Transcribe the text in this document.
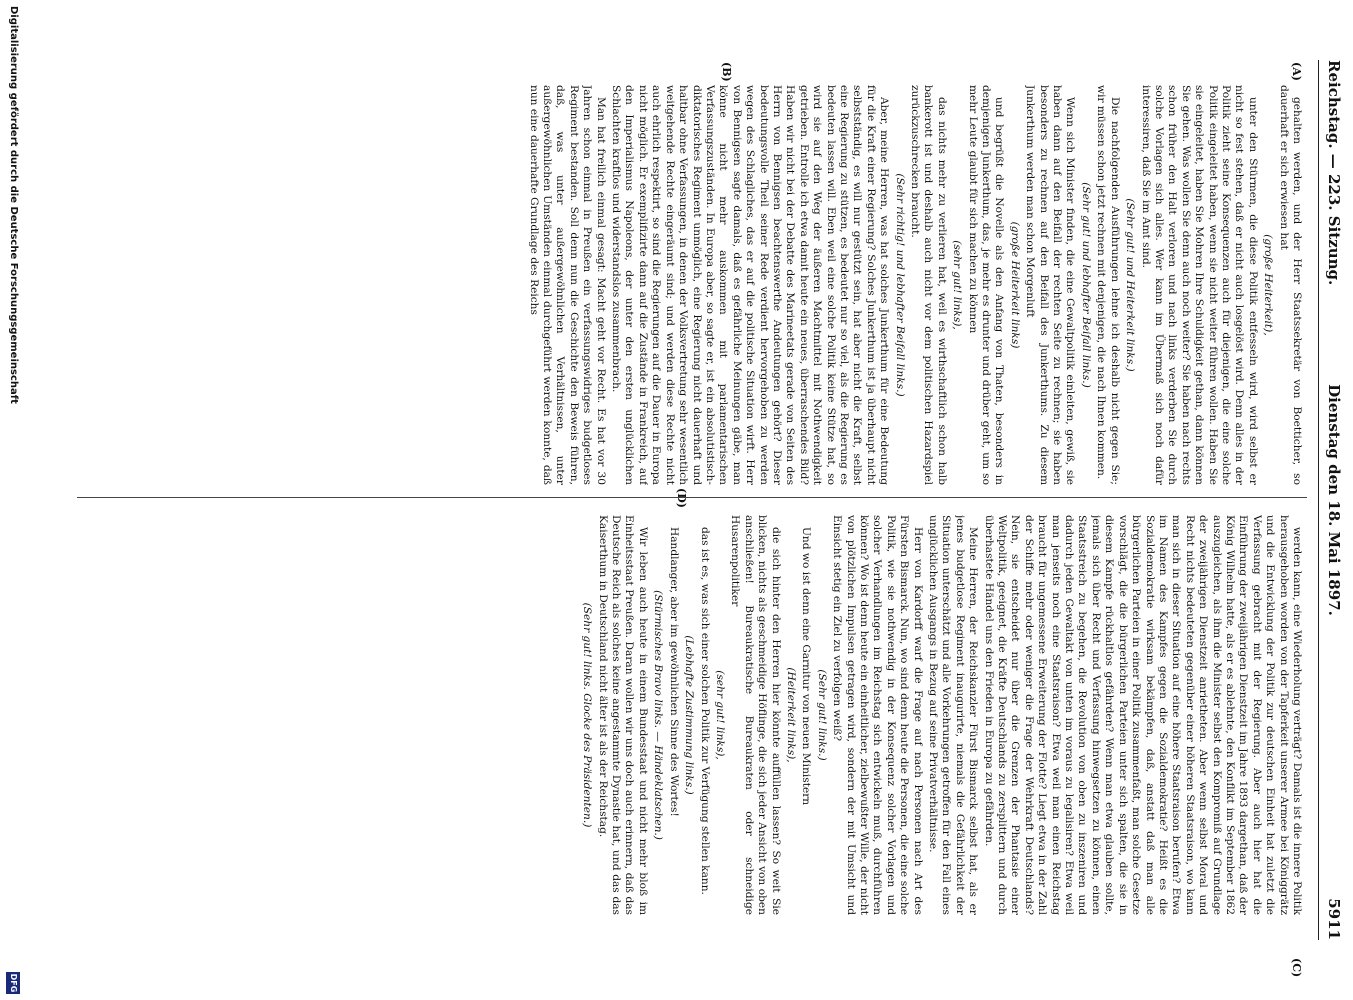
Reichstag. — 223. Sitzung.
Dienstag den 18. Mai 1897.
5911
(A)
(B)
(C)

gehalten werden, und der Herr Staatssekretär von Boetticher, so dauerhaft er sich erwiesen hat

(große Heiterkeit),

unter den Stürmen, die diese Politik entfesseln wird, wird selbst er nicht so fest stehen, daß er nicht auch losgelöst wird. Denn alles in der Politik zieht seine Konsequenzen auch für diejenigen, die eine solche Politik eingeleitet haben, wenn sie nicht weiter führen wollen. Haben Sie sie eingeleitet, haben Sie Mohren Ihre Schuldigkeit gethan, dann können Sie gehen. Was wollen Sie denn auch noch weiter? Sie haben nach rechts schon früher den Halt verloren und nach links verderben Sie durch solche Vorlagen sich alles. Wer kann im Übermaß sich noch dafür interessiren, daß Sie im Amt sind.

(Sehr gut! und Heiterkeit links.)

Die nachfolgenden Ausführungen lehne ich deshalb nicht gegen Sie; wir müssen schon jetzt rechnen mit denjenigen, die nach Ihnen kommen.

(Sehr gut! und lebhafter Beifall links.)

Wenn sich Minister finden, die eine Gewaltpolitik einleiten, gewiß, sie haben dann auf den Beifall der rechten Seite zu rechnen; sie haben besonders zu rechnen auf den Beifall des Junkerthums. Zu diesem Junkerthum werden man schon Morgenluft

(große Heiterkeit links)

und begrüßt die Novelle als den Anfang von Thaten, besonders in demjenigen Junkerthum, das, je mehr es drunter und drüber geht, um so mehr Leute glaubt für sich machen zu können

(sehr gut! links),

das nichts mehr zu verlieren hat, weil es wirthschaftlich schon halb bankerott ist und deshalb auch nicht vor dem politischen Hazardspiel zurückzuschrecken braucht.

(Sehr richtig! und lebhafter Beifall links.)

Aber, meine Herren, was hat solches Junkerthum für eine Bedeutung für die Kraft einer Regierung? Solches Junkerthum ist ja überhaupt nicht selbstständig, es will nur gestützt sein, hat aber nicht die Kraft, selbst eine Regierung zu stützen, es bedeutet nur so viel, als die Regierung es bedeuten lassen will. Eben weil eine solche Politik keine Stütze hat, so wird sie auf den Weg der äußeren Machtmittel mit Nothwendigkeit getrieben. Entrolle ich etwa damit heute ein neues, überraschendes Bild? Haben wir nicht bei der Debatte des Marineetats gerade von Seiten des Herrn von Bennigsen beachtenswerthe Andeutungen gehört? Dieser bedeutungsvolle Theil seiner Rede verdient hervorgehoben zu werden wegen des Schlagliches, das er auf die politische Situation wirft. Herr von Bennigsen sagte damals, daß es gefährliche Meinungen gäbe, man könne nicht mehr auskommen mit parlamentarischen Verfassungszuständen. In Europa aber, so sagte er, ist ein absolutistisch-diktatorisches Regiment unmöglich, eine Regierung nicht dauerhaft und haltbar ohne Verfassungen, in denen der Volksvertretung sehr wesentlich weitgehende Rechte eingeräumt sind; und werden diese Rechte nicht auch ehrlich respektirt, so sind die Regierungen auf die Dauer in Europa nicht möglich. Er exemplifizirte dann auf die Zustände in Frankreich, auf den Imperialismus Napoleons, der unter den ersten unglücklichen Schlachten kraftlos und widerstandslos zusammenbrach.

Man hat freilich einmal gesagt: Macht geht vor Recht. Es hat vor 30 Jahren schon einmal in Preußen ein verfassungswidriges budgetloses Regiment bestanden. Soll denn nun die Geschichte den Beweis führen, daß, was unter außergewöhnlichen Verhältnissen, unter außergewöhnlichen Umständen einmal durchgeführt werden konnte, daß nun eine dauerhafte Grundlage des Reichs

werden kann, eine Wiederholung verträgt? Damals ist die innere Politik herausgehoben worden von der Tapferkeit unserer Armee bei Königgrätz und die Entwicklung der Politik zur deutschen Einheit hat zuletzt die Verfassung gebracht mit der Regierung. Aber auch hier hat die Einführung der zweijährigen Dienstzeit im Jahre 1893 dargethan, daß der König Wilhelm hatte, als er es ablehnte, den Konflikt im September 1862 auszugleichen, als ihm die Minister selbst den Kompromiß auf Grundlage der zweijährigen Dienstzeit anrietheten. Aber wenn selbst Moral und Recht nichts bedeuteten gegenüber einer höheren Staatsraison, wo kann man sich in dieser Situation auf eine höhere Staatsraison berufen? Etwa im Namen des Kampfes gegen die Sozialdemokratie? Heißt es die Sozialdemokratie wirksam bekämpfen, daß, anstatt daß man alle bürgerlichen Parteien in einer Politik zusammenfaßt, man solche Gesetze vorschlägt, die die bürgerlichen Parteien unter sich spalten, die sie in diesem Kampfe rückhaltlos gefährden? Wenn man etwa glauben sollte, jemals sich über Recht und Verfassung hinwegsetzen zu können, einen Staatsstreich zu begehen, die Revolution von oben zu inszeniren und dadurch jeden Gewaltakt von unten im voraus zu legalisiren? Etwa weil man jenseits noch eine Staatsraison? Etwa weil man einen Reichstag braucht für ungemessene Erweiterung der Flotte? Liegt etwa in der Zahl der Schiffe mehr oder weniger die Frage der Wehrkraft Deutschlands? Nein, sie entscheidet nur über die Grenzen der Phantasie einer Weltpolitik, geeignet, die Kräfte Deutschlands zu zersplittern und durch überhastete Händel uns den Frieden in Europa zu gefährden.

Meine Herren, der Reichskanzler Fürst Bismarck selbst hat, als er jenes budgetlose Regiment inaugurirte, niemals die Gefährlichkeit der Situation unterschätzt und alle Vorkehrungen getroffen für den Fall eines unglücklichen Ausgangs in Bezug auf seine Privatverhältnisse.

Herr von Kardorff warf die Frage auf nach Personen nach Art des Fürsten Bismarck. Nun, wo sind denn heute die Personen, die eine solche Politik, wie sie nothwendig in der Konsequenz solcher Vorlagen und solcher Verhandlungen im Reichstag sich entwickeln muß, durchführen können? Wo ist denn heute ein einheitlicher, zielbewußter Wille, der nicht von plötzlichen Impulsen getragen wird, sondern der mit Umsicht und Einsicht stetig ein Ziel zu verfolgen weiß?

(Sehr gut! links.)

Und wo ist denn eine Garnitur von neuen Ministern

(Heiterkeit links),

die sich hinter den Herren hier könnte auffüllen lassen? So weit Sie blicken, nichts als geschmeidige Höflinge, die sich jeder Ansicht von oben anschließen! Bureaukratische Bureaukraten oder schneidige Husarenpolitiker

(sehr gut! links),

das ist es, was sich einer solchen Politik zur Verfügung stellen kann.

(Lebhafte Zustimmung links.)

Handlanger, aber im gewöhnlichen Sinne des Wortes!

(Stürmisches Bravo links. — Händeklatschen.)

Wir leben auch heute in einem Bundesstaat und nicht mehr bloß im Einheitsstaat Preußen. Daran wollen wir uns doch auch erinnern, daß das Deutsche Reich als solches keine angestammte Dynastie hat, und das das Kaiserthum in Deutschland nicht älter ist als der Reichstag.

(Sehr gut! links. Glocke des Präsidenten.)

Digitalisierung gefördert durch die Deutsche Forschungsgemeinschaft
DFG
